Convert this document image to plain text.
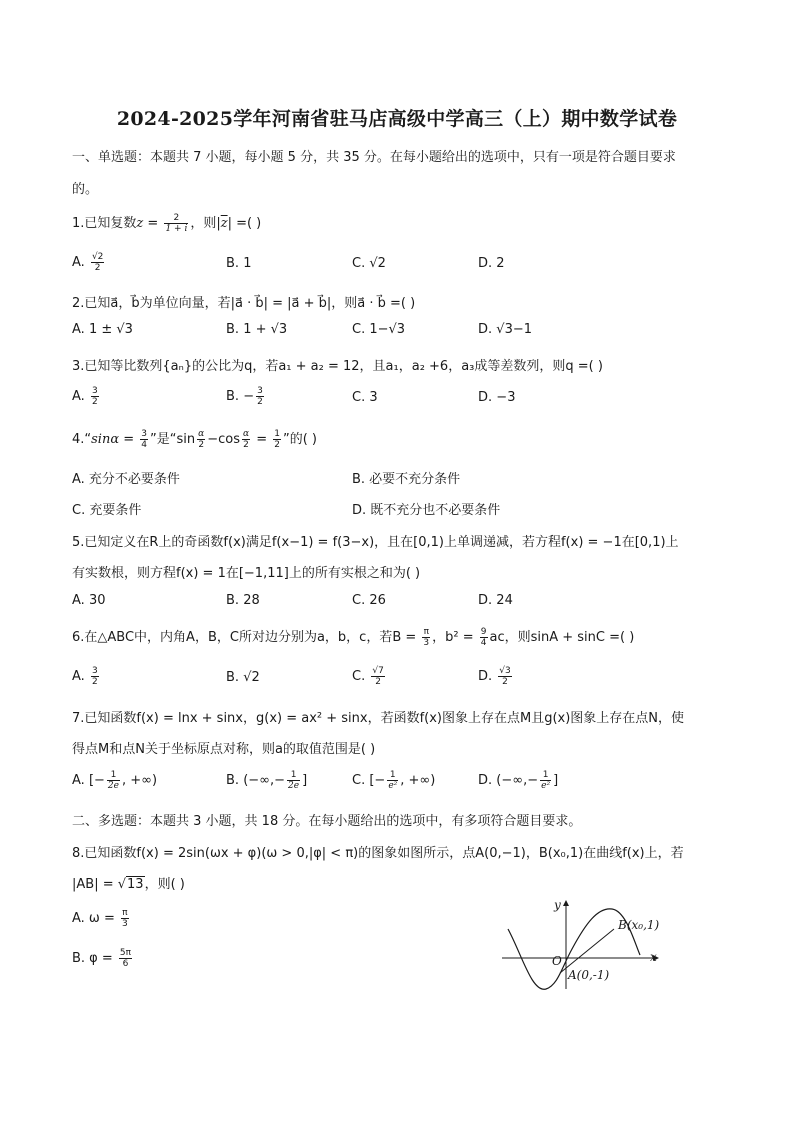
2024-2025学年河南省驻马店高级中学高三（上）期中数学试卷
一、单选题：本题共 7 小题，每小题 5 分，共 35 分。在每小题给出的选项中，只有一项是符合题目要求
的。
1.已知复数$z = \frac{2}{1 + i}$ ，则$|\overline{z}|$ =( )
A. $\frac{√2}{2}$	B. 1	C. √2	D. 2
2.已知a⃗，b⃗为单位向量，若|a⃗ · b⃗| = |a⃗ + b⃗|，则a⃗ · b⃗ =( )
A. 1 ± √3	B. 1 + √3	C. 1−√3	D. √3−1
3.已知等比数列{aₙ}的公比为q，若a₁ + a₂ = 12，且a₁，a₂ +6，a₃成等差数列，则q =( )
A. $\frac{3}{2}$	B. − $\frac{3}{2}$	C. 3	D. −3
4.“sinα = $\frac{3}{4}$ ”是“$\sin \frac{\alpha}{2} -\cos \frac{\alpha}{2} = \frac{1}{2}$ ”的( )
A. 充分不必要条件	B. 必要不充分条件
C. 充要条件	D. 既不充分也不必要条件
5.已知定义在R上的奇函数f(x)满足f(x−1) = f(3−x)，且在[0,1)上单调递减，若方程f(x) = −1在[0,1)上
有实数根，则方程f(x) = 1在[−1,11]上的所有实根之和为( )
A. 30	B. 28	C. 26	D. 24
6.在△ABC中，内角A，B，C所对边分别为a，b，c，若$B = \frac{\pi}{3}$ ，$b^2 = \frac{9}{4}$ ac，则sinA + sinC =( )
A. $\frac{3}{2}$	B. √2	C. $\frac{√7}{2}$	D. $\frac{√3}{2}$
7.已知函数f(x) = lnx + sinx，g(x) = ax² + sinx，若函数f(x)图象上存在点M且g(x)图象上存在点N，使
得点M和点N关于坐标原点对称，则a的取值范围是( )
A. [− $\frac{1}{2e}$ , +∞)	B. (−∞,− $\frac{1}{2e}$ ]	C. [− $\frac{1}{\text{e²}}$ , +∞)	D. (−∞,− $\frac{1}{\text{e²}}$ ]
二、多选题：本题共 3 小题，共 18 分。在每小题给出的选项中，有多项符合题目要求。
8.已知函数f(x) = 2sin(ωx + φ)(ω > 0,|φ| < π)的图象如图所示，点A(0,−1)，B(x₀,1)在曲线f(x)上，若
|AB| = √13，则( )
A. $\omega = \frac{\pi}{3}$
B. $\varphi = \frac{5\pi}{6}$
y
x
O
B(x₀,1)
A(0,-1)
